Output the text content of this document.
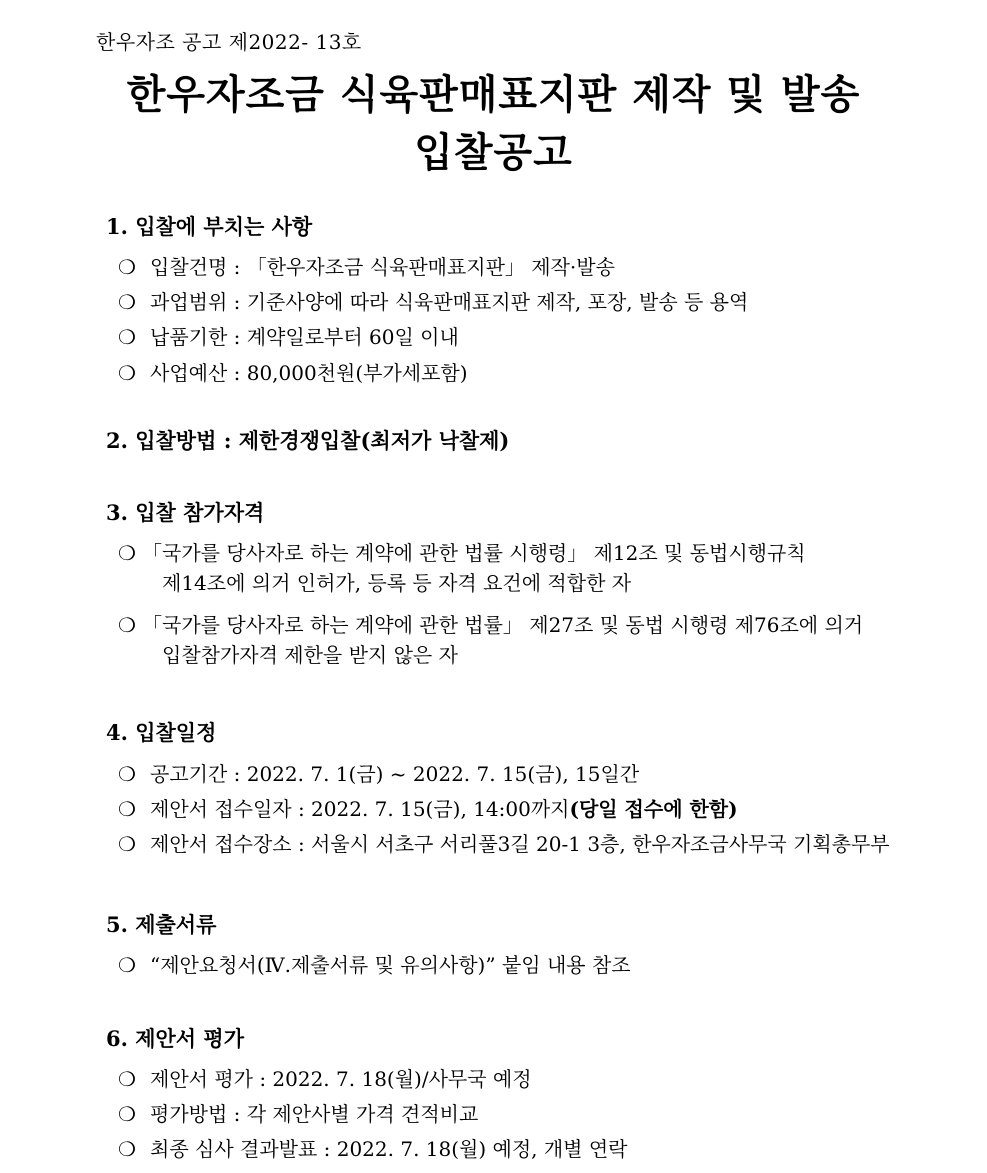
한우자조 공고 제2022- 13호
한우자조금 식육판매표지판 제작 및 발송
입찰공고
1. 입찰에 부치는 사항
❍ 입찰건명 : 「한우자조금 식육판매표지판」 제작·발송
❍ 과업범위 : 기준사양에 따라 식육판매표지판 제작, 포장, 발송 등 용역
❍ 납품기한 : 계약일로부터 60일 이내
❍ 사업예산 : 80,000천원(부가세포함)
2. 입찰방법 : 제한경쟁입찰(최저가 낙찰제)
3. 입찰 참가자격
❍ 「국가를 당사자로 하는 계약에 관한 법률 시행령」 제12조 및 동법시행규칙
제14조에 의거 인허가, 등록 등 자격 요건에 적합한 자
❍ 「국가를 당사자로 하는 계약에 관한 법률」 제27조 및 동법 시행령 제76조에 의거
입찰참가자격 제한을 받지 않은 자
4. 입찰일정
❍ 공고기간 : 2022. 7. 1(금) ~ 2022. 7. 15(금), 15일간
❍ 제안서 접수일자 : 2022. 7. 15(금), 14:00까지(당일 접수에 한함)
❍ 제안서 접수장소 : 서울시 서초구 서리풀3길 20-1 3층, 한우자조금사무국 기획총무부
5. 제출서류
❍ “제안요청서(Ⅳ.제출서류 및 유의사항)” 붙임 내용 참조
6. 제안서 평가
❍ 제안서 평가 : 2022. 7. 18(월)/사무국 예정
❍ 평가방법 : 각 제안사별 가격 견적비교
❍ 최종 심사 결과발표 : 2022. 7. 18(월) 예정, 개별 연락
